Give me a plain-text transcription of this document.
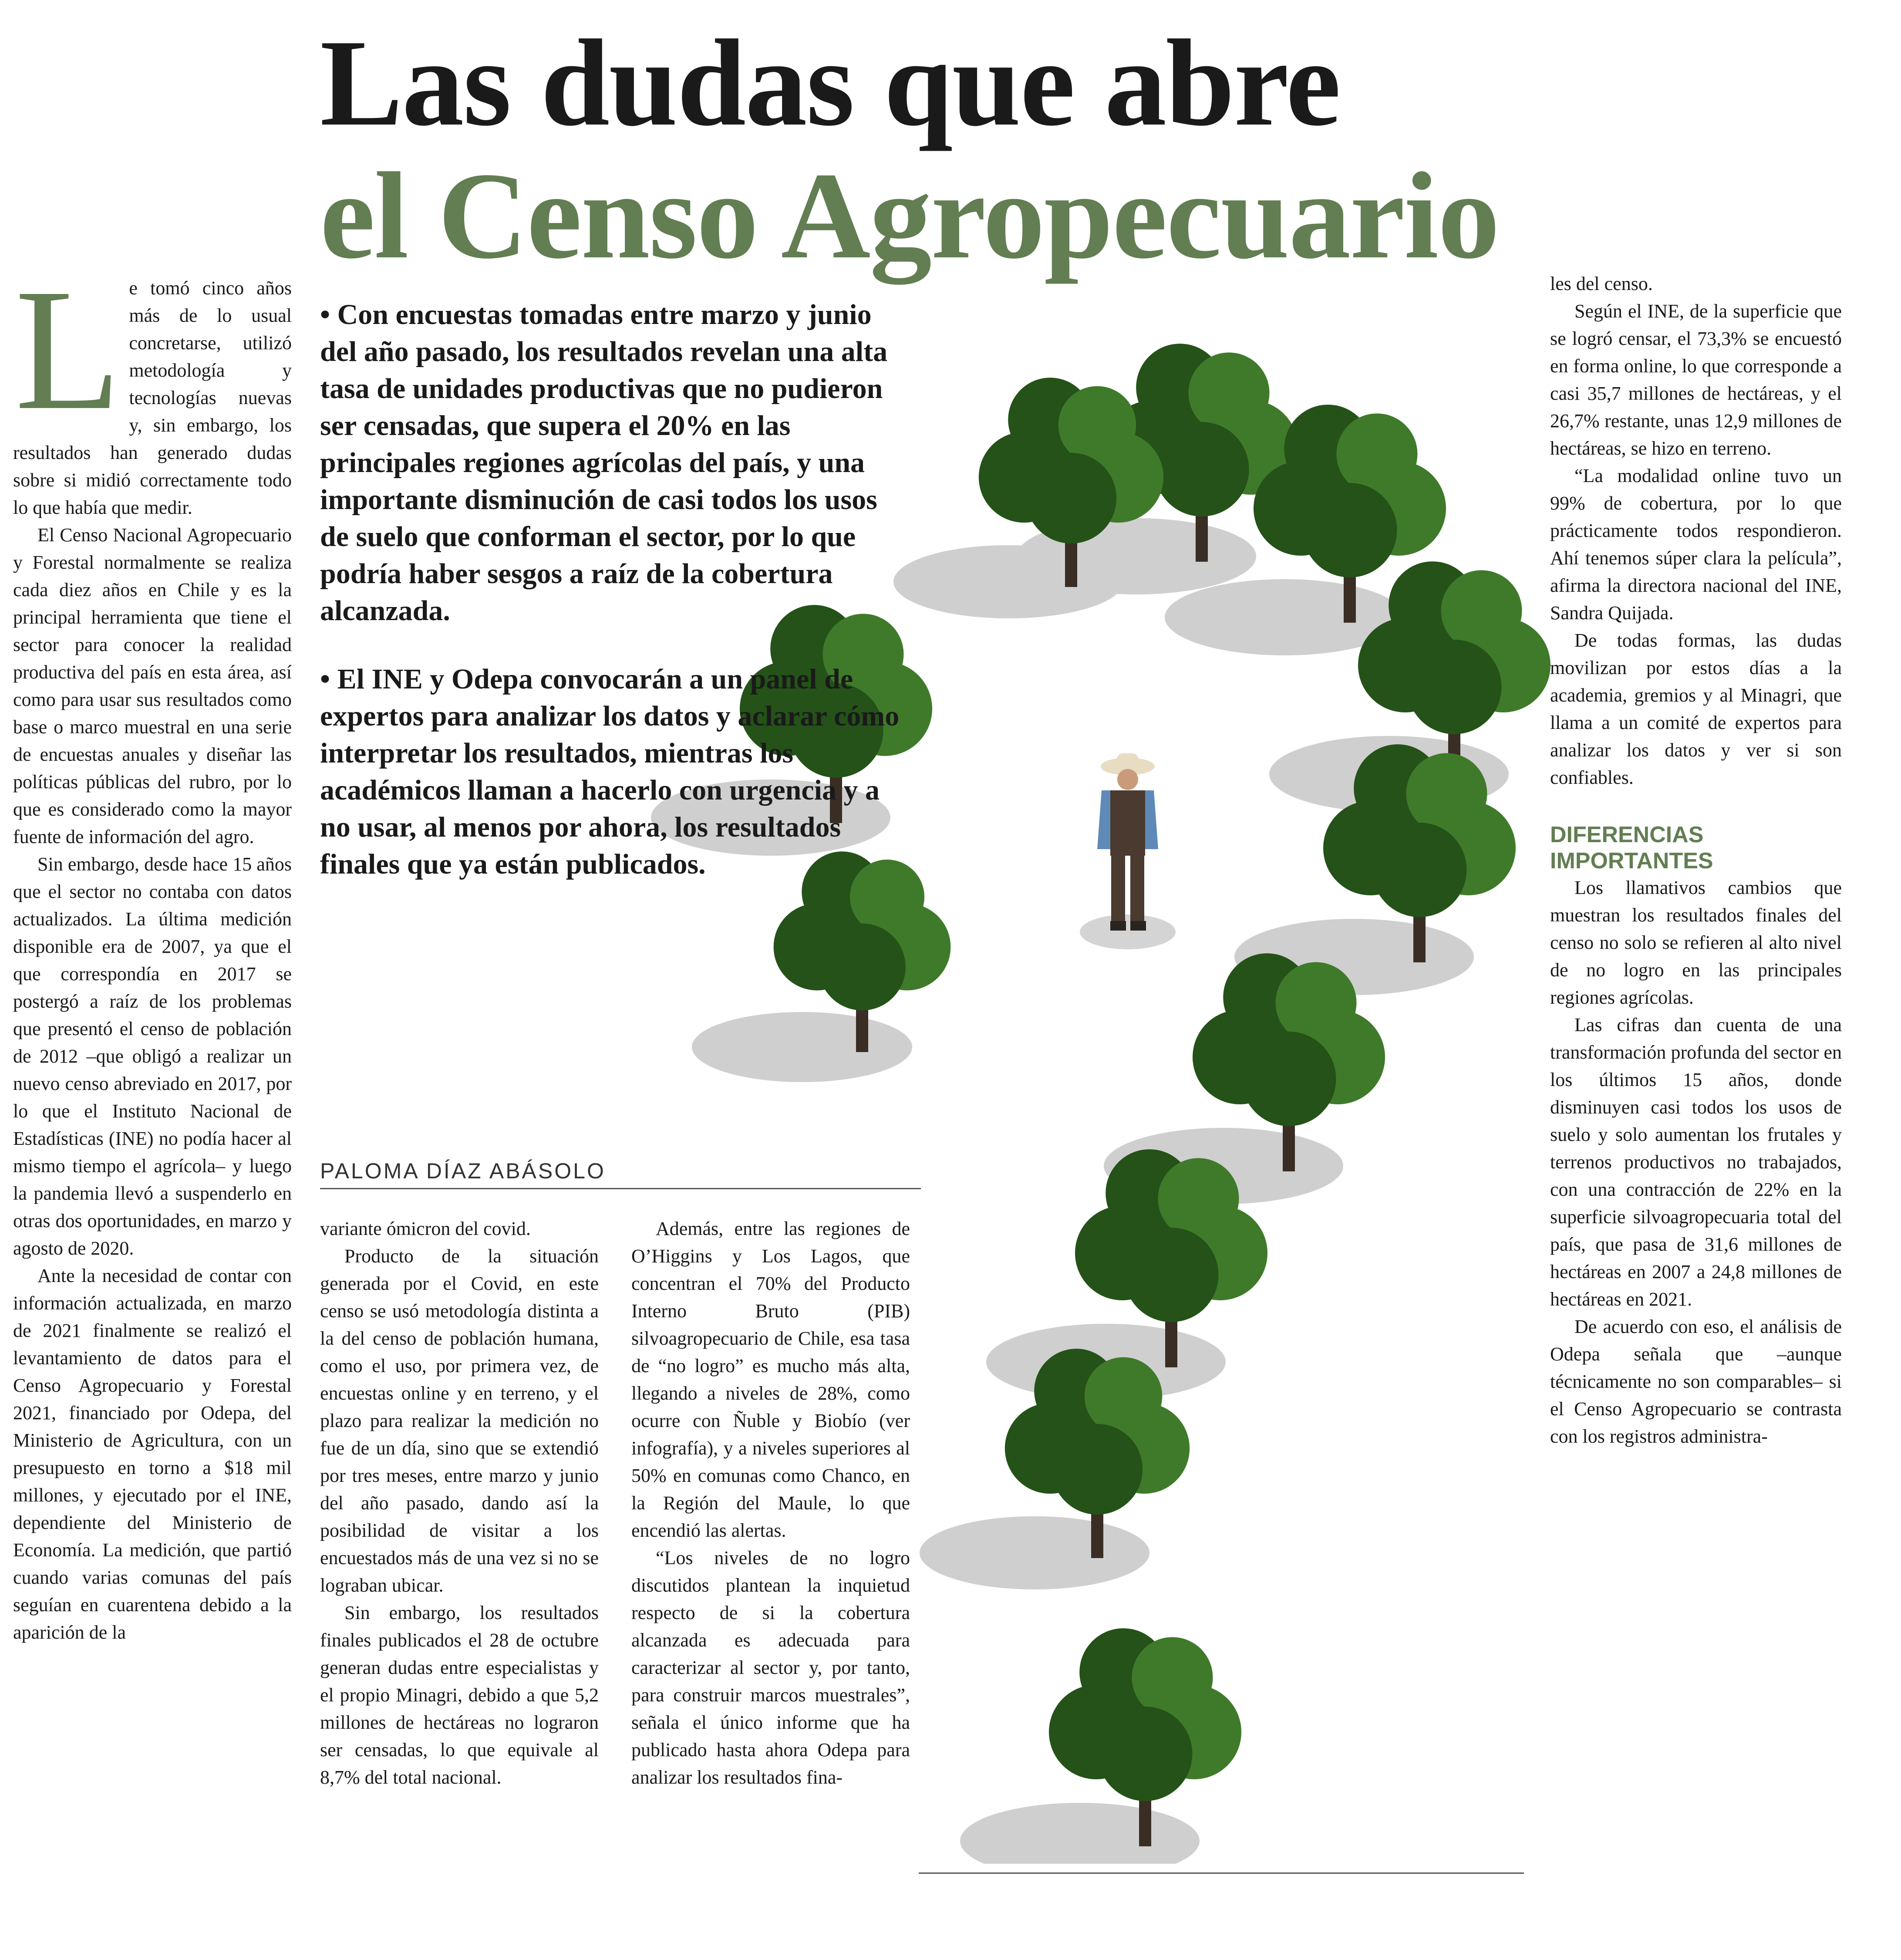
Las dudas que abre
el Censo Agropecuario
L e tomó cinco años más de lo usual concretarse, utilizó metodología y tecnologías nuevas y, sin embargo, los resultados han generado dudas sobre si midió correctamente todo lo que había que medir.

El Censo Nacional Agropecuario y Forestal normalmente se realiza cada diez años en Chile y es la principal herramienta que tiene el sector para conocer la realidad productiva del país en esta área, así como para usar sus resultados como base o marco muestral en una serie de encuestas anuales y diseñar las políticas públicas del rubro, por lo que es considerado como la mayor fuente de información del agro.

Sin embargo, desde hace 15 años que el sector no contaba con datos actualizados. La última medición disponible era de 2007, ya que el que correspondía en 2017 se postergó a raíz de los problemas que presentó el censo de población de 2012 –que obligó a realizar un nuevo censo abreviado en 2017, por lo que el Instituto Nacional de Estadísticas (INE) no podía hacer al mismo tiempo el agrícola– y luego la pandemia llevó a suspenderlo en otras dos oportunidades, en marzo y agosto de 2020.

Ante la necesidad de contar con información actualizada, en marzo de 2021 finalmente se realizó el levantamiento de datos para el Censo Agropecuario y Forestal 2021, financiado por Odepa, del Ministerio de Agricultura, con un presupuesto en torno a $18 mil millones, y ejecutado por el INE, dependiente del Ministerio de Economía. La medición, que partió cuando varias comunas del país seguían en cuarentena debido a la aparición de la

• Con encuestas tomadas entre marzo y junio del año pasado, los resultados revelan una alta tasa de unidades productivas que no pudieron ser censadas, que supera el 20% en las principales regiones agrícolas del país, y una importante disminución de casi todos los usos de suelo que conforman el sector, por lo que podría haber sesgos a raíz de la cobertura alcanzada.

• El INE y Odepa convocarán a un panel de expertos para analizar los datos y aclarar cómo interpretar los resultados, mientras los académicos llaman a hacerlo con urgencia y a no usar, al menos por ahora, los resultados finales que ya están publicados.

PALOMA DÍAZ ABÁSOLO

variante ómicron del covid.

Producto de la situación generada por el Covid, en este censo se usó metodología distinta a la del censo de población humana, como el uso, por primera vez, de encuestas online y en terreno, y el plazo para realizar la medición no fue de un día, sino que se extendió por tres meses, entre marzo y junio del año pasado, dando así la posibilidad de visitar a los encuestados más de una vez si no se lograban ubicar.

Sin embargo, los resultados finales publicados el 28 de octubre generan dudas entre especialistas y el propio Minagri, debido a que 5,2 millones de hectáreas no lograron ser censadas, lo que equivale al 8,7% del total nacional.

Además, entre las regiones de O’Higgins y Los Lagos, que concentran el 70% del Producto Interno Bruto (PIB) silvoagropecuario de Chile, esa tasa de “no logro” es mucho más alta, llegando a niveles de 28%, como ocurre con Ñuble y Biobío (ver infografía), y a niveles superiores al 50% en comunas como Chanco, en la Región del Maule, lo que encendió las alertas.

“Los niveles de no logro discutidos plantean la inquietud respecto de si la cobertura alcanzada es adecuada para caracterizar al sector y, por tanto, para construir marcos muestrales”, señala el único informe que ha publicado hasta ahora Odepa para analizar los resultados fina-

les del censo.

Según el INE, de la superficie que se logró censar, el 73,3% se encuestó en forma online, lo que corresponde a casi 35,7 millones de hectáreas, y el 26,7% restante, unas 12,9 millones de hectáreas, se hizo en terreno.

“La modalidad online tuvo un 99% de cobertura, por lo que prácticamente todos respondieron. Ahí tenemos súper clara la película”, afirma la directora nacional del INE, Sandra Quijada.

De todas formas, las dudas movilizan por estos días a la academia, gremios y al Minagri, que llama a un comité de expertos para analizar los datos y ver si son confiables.

DIFERENCIAS IMPORTANTES

Los llamativos cambios que muestran los resultados finales del censo no solo se refieren al alto nivel de no logro en las principales regiones agrícolas.

Las cifras dan cuenta de una transformación profunda del sector en los últimos 15 años, donde disminuyen casi todos los usos de suelo y solo aumentan los frutales y terrenos productivos no trabajados, con una contracción de 22% en la superficie silvoagropecuaria total del país, que pasa de 31,6 millones de hectáreas en 2007 a 24,8 millones de hectáreas en 2021.

De acuerdo con eso, el análisis de Odepa señala que –aunque técnicamente no son comparables– si el Censo Agropecuario se contrasta con los registros administra-
